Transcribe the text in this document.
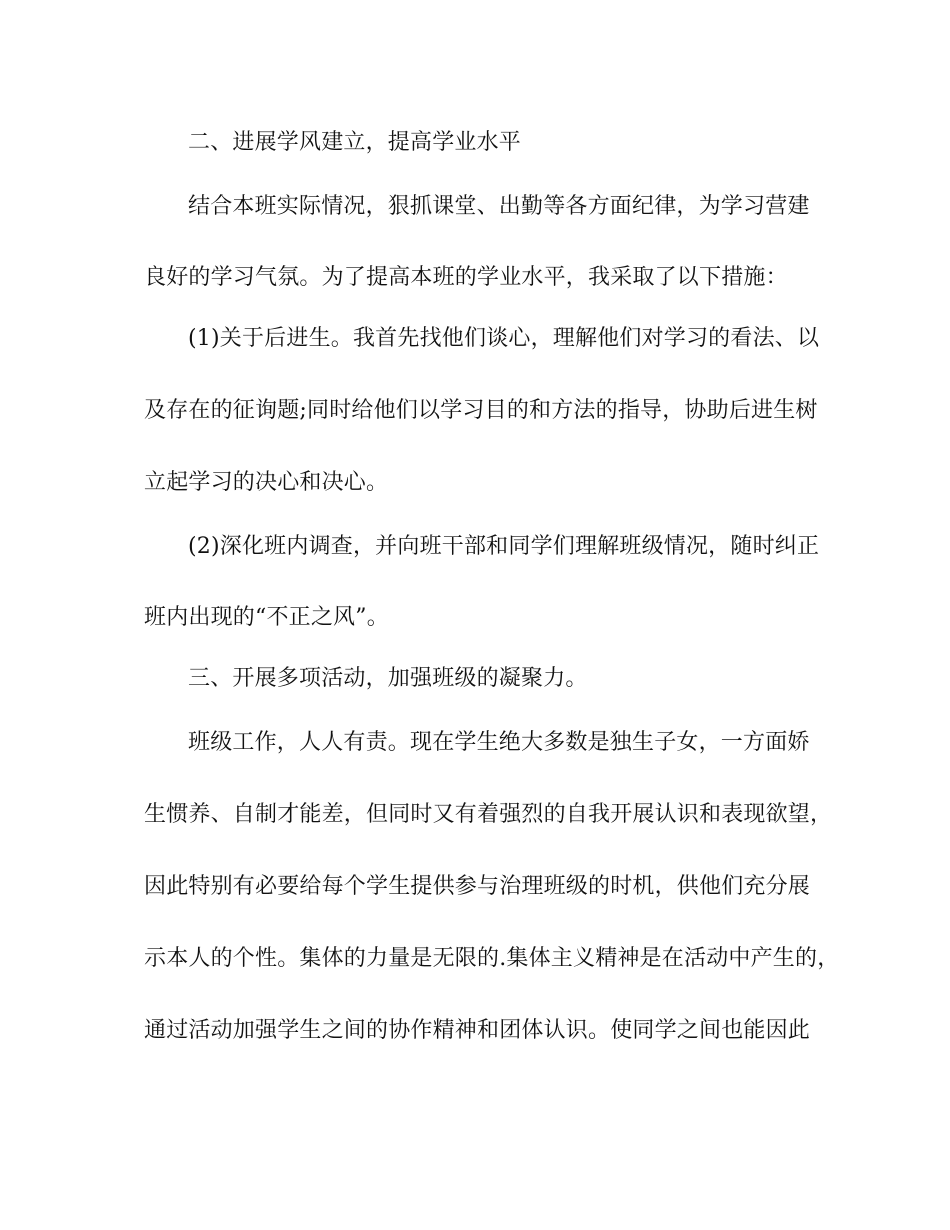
二、进展学风建立，提高学业水平

结合本班实际情况，狠抓课堂、出勤等各方面纪律，为学习营建

良好的学习气氛。为了提高本班的学业水平，我采取了以下措施：

(1)关于后进生。我首先找他们谈心，理解他们对学习的看法、以

及存在的征询题;同时给他们以学习目的和方法的指导，协助后进生树

立起学习的决心和决心。

(2)深化班内调查，并向班干部和同学们理解班级情况，随时纠正

班内出现的“不正之风”。

三、开展多项活动，加强班级的凝聚力。

班级工作，人人有责。现在学生绝大多数是独生子女，一方面娇

生惯养、自制才能差，但同时又有着强烈的自我开展认识和表现欲望，

因此特别有必要给每个学生提供参与治理班级的时机，供他们充分展

示本人的个性。集体的力量是无限的.集体主义精神是在活动中产生的，

通过活动加强学生之间的协作精神和团体认识。使同学之间也能因此
